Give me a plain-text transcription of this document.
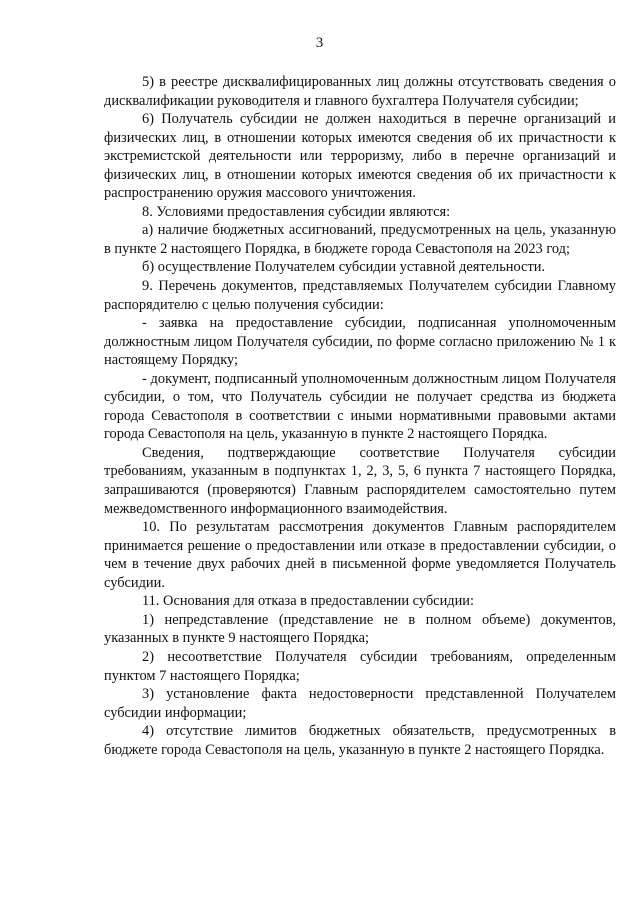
3

5) в реестре дисквалифицированных лиц должны отсутствовать сведения о дисквалификации руководителя и главного бухгалтера Получателя субсидии;

6) Получатель субсидии не должен находиться в перечне организаций и физических лиц, в отношении которых имеются сведения об их причастности к экстремистской деятельности или терроризму, либо в перечне организаций и физических лиц, в отношении которых имеются сведения об их причастности к распространению оружия массового уничтожения.

8. Условиями предоставления субсидии являются:

а) наличие бюджетных ассигнований, предусмотренных на цель, указанную в пункте 2 настоящего Порядка, в бюджете города Севастополя на 2023 год;

б) осуществление Получателем субсидии уставной деятельности.

9. Перечень документов, представляемых Получателем субсидии Главному распорядителю с целью получения субсидии:

- заявка на предоставление субсидии, подписанная уполномоченным должностным лицом Получателя субсидии, по форме согласно приложению № 1 к настоящему Порядку;

- документ, подписанный уполномоченным должностным лицом Получателя субсидии, о том, что Получатель субсидии не получает средства из бюджета города Севастополя в соответствии с иными нормативными правовыми актами города Севастополя на цель, указанную в пункте 2 настоящего Порядка.

Сведения, подтверждающие соответствие Получателя субсидии требованиям, указанным в подпунктах 1, 2, 3, 5, 6 пункта 7 настоящего Порядка, запрашиваются (проверяются) Главным распорядителем самостоятельно путем межведомственного информационного взаимодействия.

10. По результатам рассмотрения документов Главным распорядителем принимается решение о предоставлении или отказе в предоставлении субсидии, о чем в течение двух рабочих дней в письменной форме уведомляется Получатель субсидии.

11. Основания для отказа в предоставлении субсидии:

1) непредставление (представление не в полном объеме) документов, указанных в пункте 9 настоящего Порядка;

2) несоответствие Получателя субсидии требованиям, определенным пунктом 7 настоящего Порядка;

3) установление факта недостоверности представленной Получателем субсидии информации;

4) отсутствие лимитов бюджетных обязательств, предусмотренных в бюджете города Севастополя на цель, указанную в пункте 2 настоящего Порядка.
